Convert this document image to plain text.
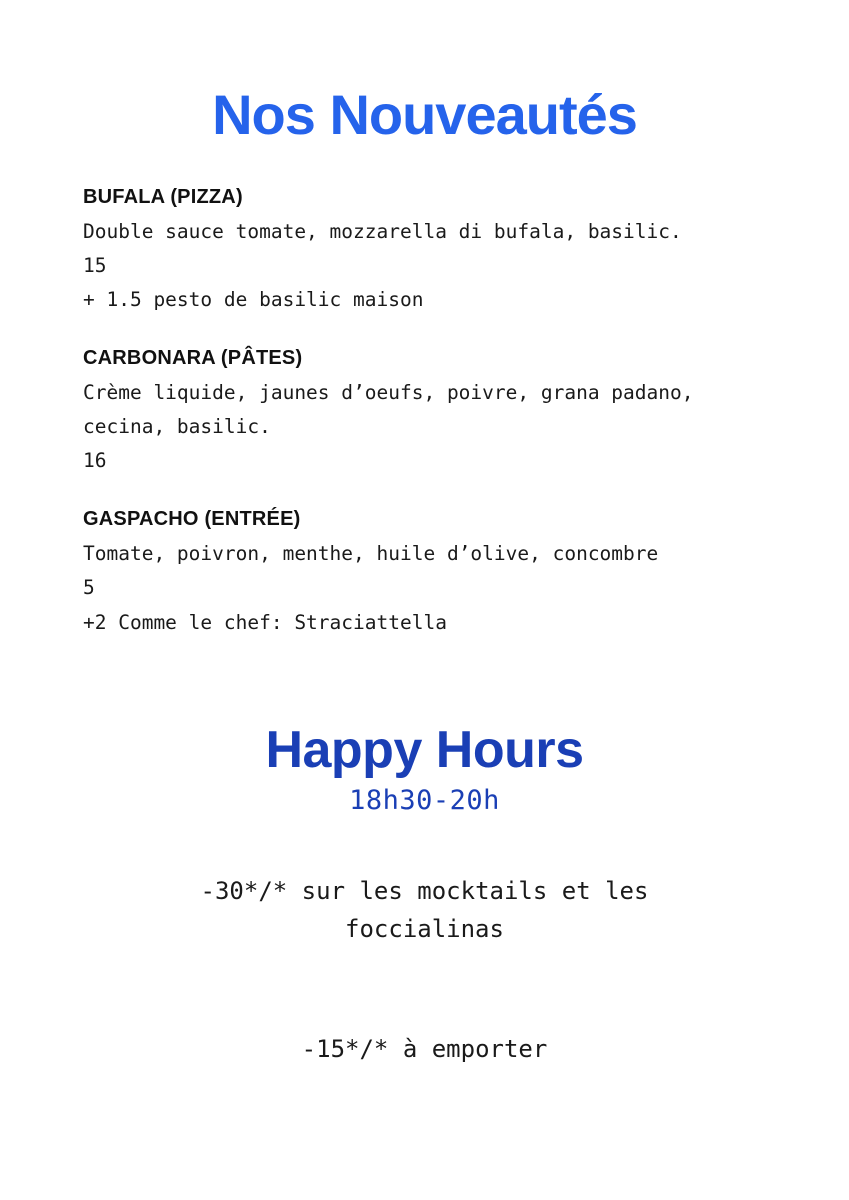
Nos Nouveautés
BUFALA (PIZZA)
Double sauce tomate, mozzarella di bufala, basilic.
15
+ 1.5 pesto de basilic maison
CARBONARA (PÂTES)
Crème liquide, jaunes d’oeufs, poivre, grana padano, cecina, basilic.
16
GASPACHO (ENTRÉE)
Tomate, poivron, menthe, huile d’olive, concombre
5
+2 Comme le chef: Straciattella
Happy Hours
18h30-20h
-30*/* sur les mocktails et les foccialinas
-15*/* à emporter
